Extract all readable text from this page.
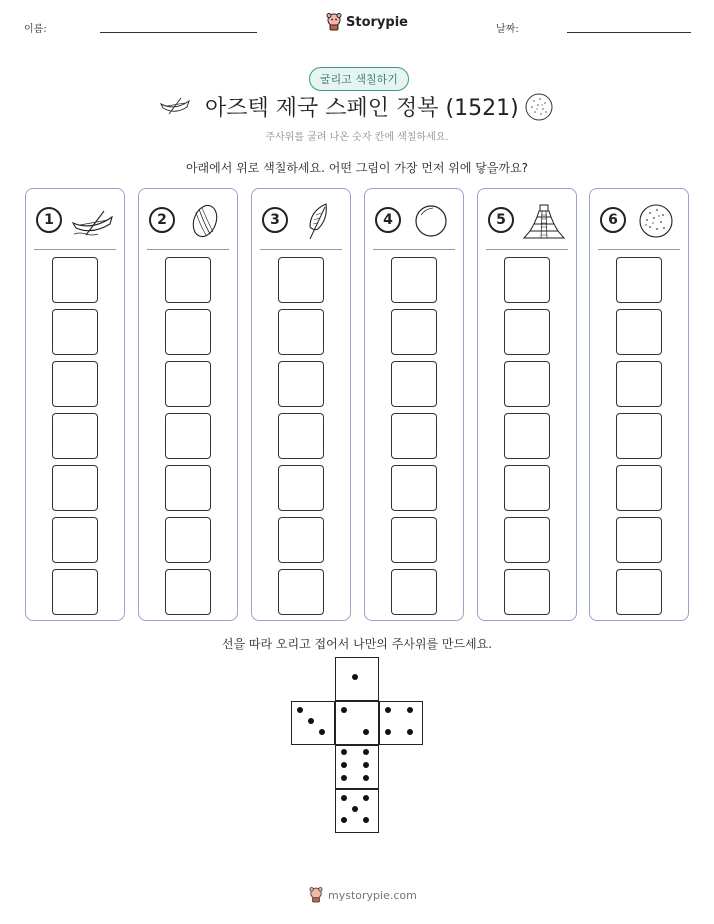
이름:	Storypie	날짜:
굴리고 색칠하기
아즈텍 제국 스페인 정복 (1521)
주사위를 굴려 나온 숫자 칸에 색칠하세요.
아래에서 위로 색칠하세요. 어떤 그림이 가장 먼저 위에 닿을까요?
1	2	3	4	5	6
선을 따라 오리고 접어서 나만의 주사위를 만드세요.
mystorypie.com
